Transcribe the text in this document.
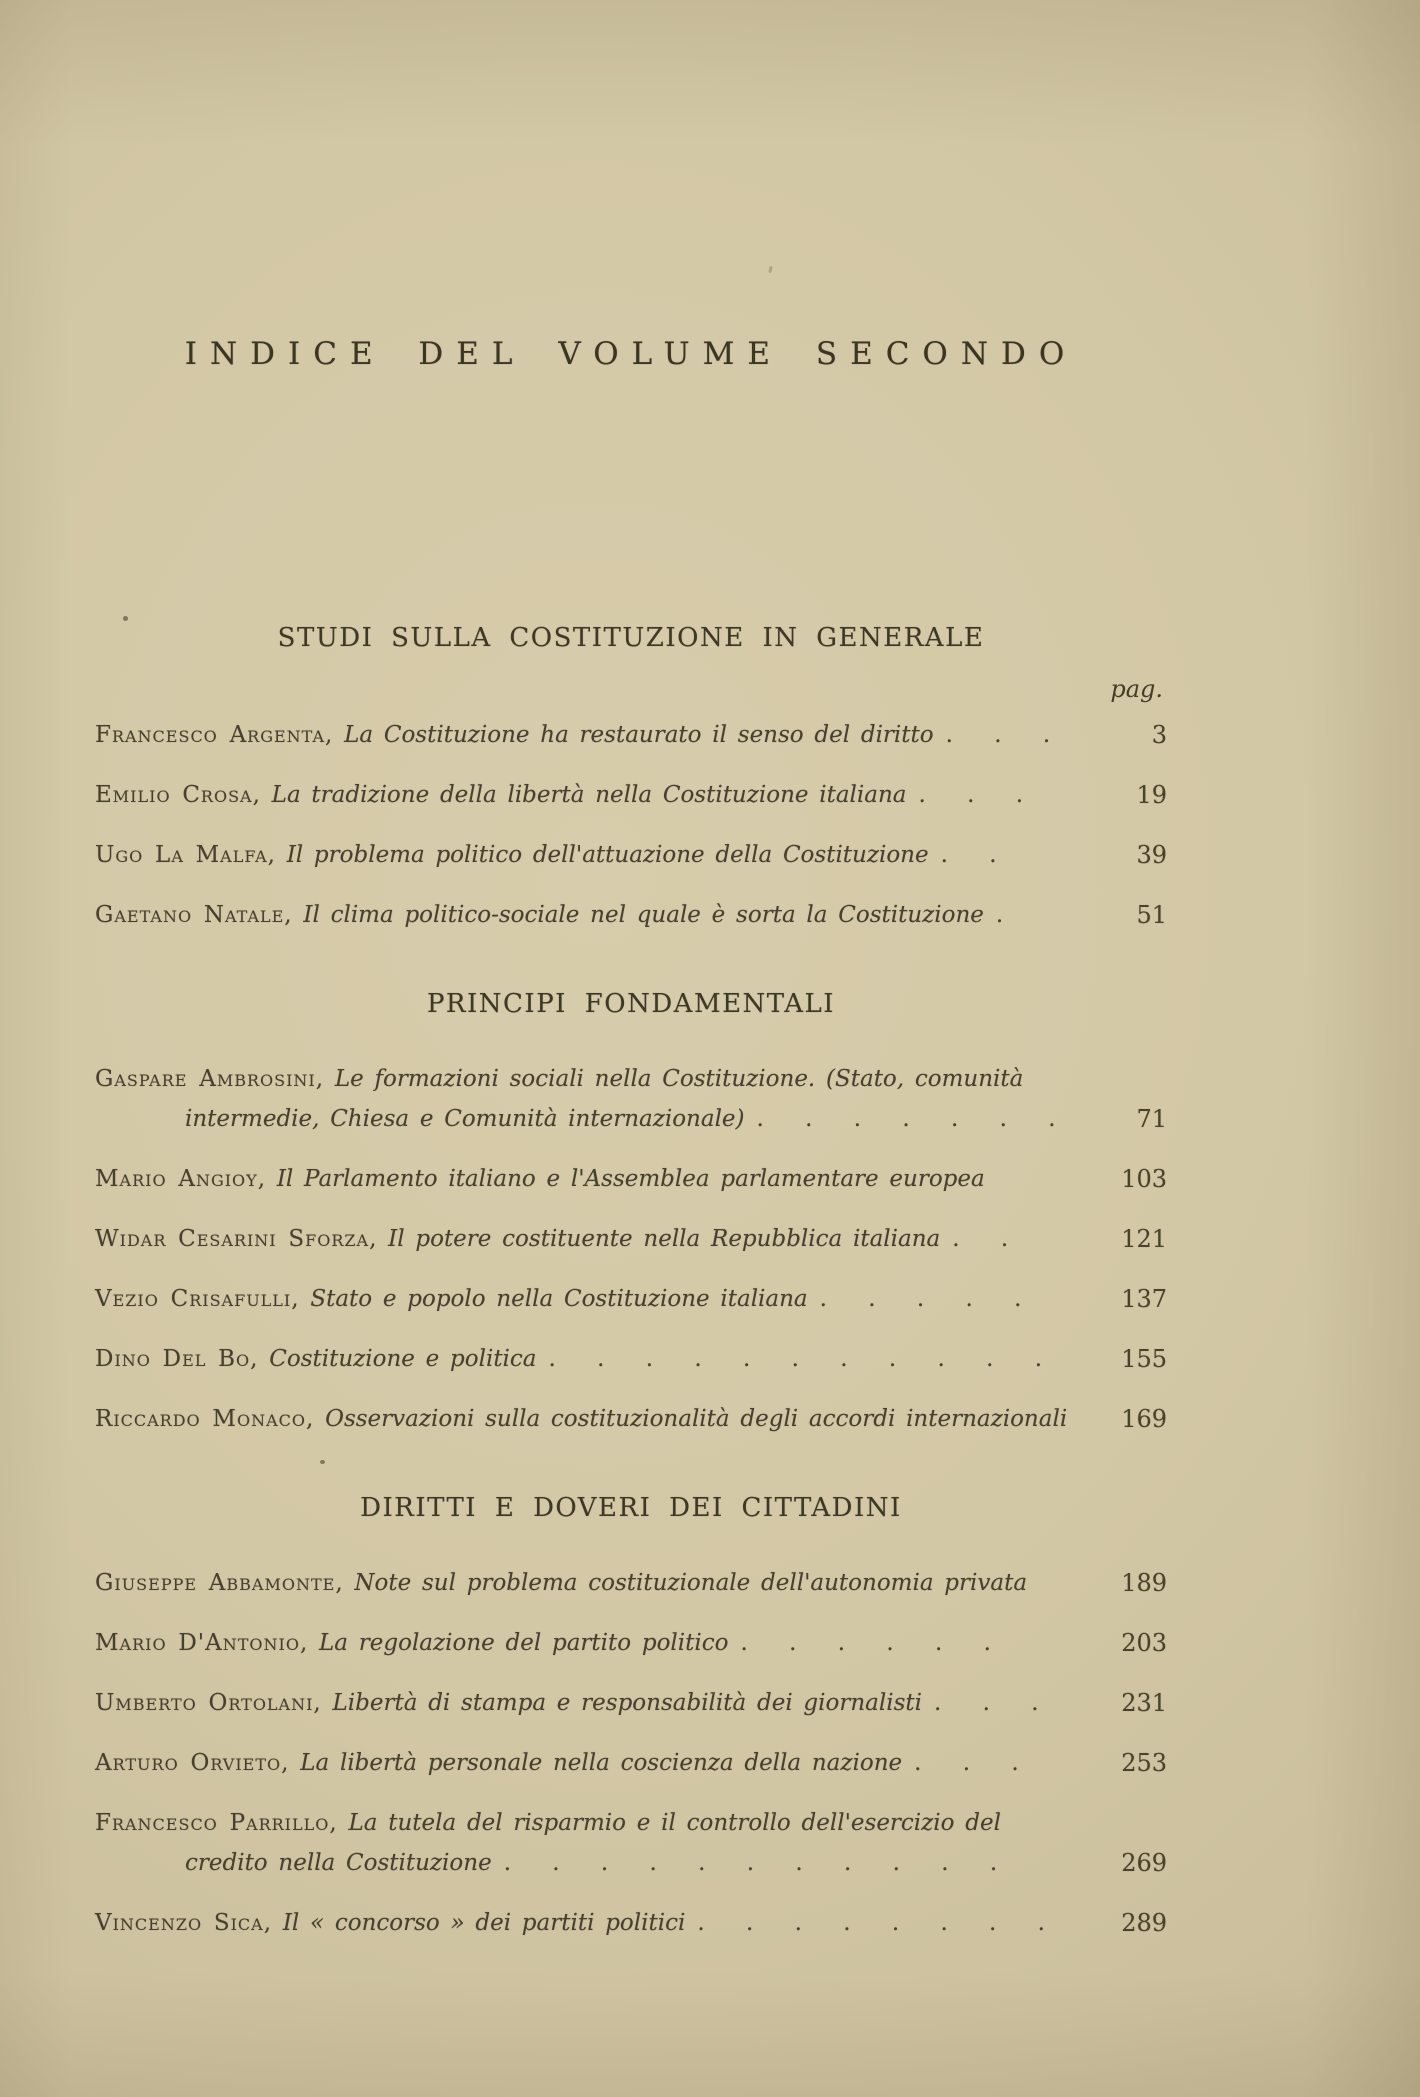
INDICE DEL VOLUME SECONDO
STUDI SULLA COSTITUZIONE IN GENERALE
pag.
Francesco Argenta, La Costituzione ha restaurato il senso del diritto . . .	3
Emilio Crosa, La tradizione della libertà nella Costituzione italiana . . .	19
Ugo La Malfa, Il problema politico dell'attuazione della Costituzione . .	39
Gaetano Natale, Il clima politico-sociale nel quale è sorta la Costituzione .	51
PRINCIPI FONDAMENTALI
Gaspare Ambrosini, Le formazioni sociali nella Costituzione. (Stato, comunità
intermedie, Chiesa e Comunità internazionale) . . . . . . .	71
Mario Angioy, Il Parlamento italiano e l'Assemblea parlamentare europea	103
Widar Cesarini Sforza, Il potere costituente nella Repubblica italiana . .	121
Vezio Crisafulli, Stato e popolo nella Costituzione italiana . . . . .	137
Dino Del Bo, Costituzione e politica . . . . . . . . . . .	155
Riccardo Monaco, Osservazioni sulla costituzionalità degli accordi internazionali	169
DIRITTI E DOVERI DEI CITTADINI
Giuseppe Abbamonte, Note sul problema costituzionale dell'autonomia privata	189
Mario D'Antonio, La regolazione del partito politico . . . . . .	203
Umberto Ortolani, Libertà di stampa e responsabilità dei giornalisti . . .	231
Arturo Orvieto, La libertà personale nella coscienza della nazione . . .	253
Francesco Parrillo, La tutela del risparmio e il controllo dell'esercizio del
credito nella Costituzione . . . . . . . . . . .	269
Vincenzo Sica, Il « concorso » dei partiti politici . . . . . . . .	289
